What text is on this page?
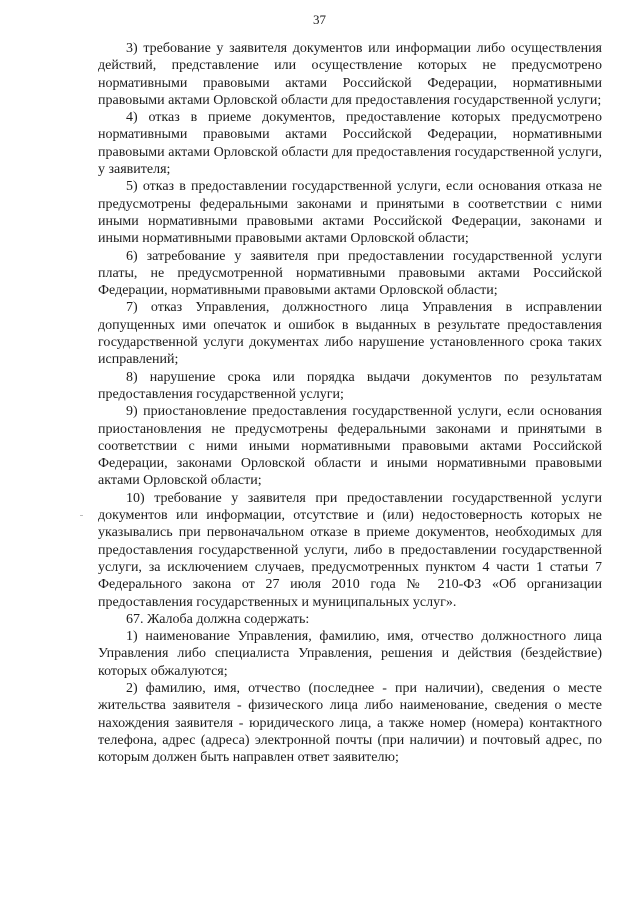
37

3) требование у заявителя документов или информации либо осуществления действий, представление или осуществление которых не предусмотрено нормативными правовыми актами Российской Федерации, нормативными правовыми актами Орловской области для предоставления государственной услуги;

4) отказ в приеме документов, предоставление которых предусмотрено нормативными правовыми актами Российской Федерации, нормативными правовыми актами Орловской области для предоставления государственной услуги, у заявителя;

5) отказ в предоставлении государственной услуги, если основания отказа не предусмотрены федеральными законами и принятыми в соответствии с ними иными нормативными правовыми актами Российской Федерации, законами и иными нормативными правовыми актами Орловской области;

6) затребование у заявителя при предоставлении государственной услуги платы, не предусмотренной нормативными правовыми актами Российской Федерации, нормативными правовыми актами Орловской области;

7) отказ Управления, должностного лица Управления в исправлении допущенных ими опечаток и ошибок в выданных в результате предоставления государственной услуги документах либо нарушение установленного срока таких исправлений;

8) нарушение срока или порядка выдачи документов по результатам предоставления государственной услуги;

9) приостановление предоставления государственной услуги, если основания приостановления не предусмотрены федеральными законами и принятыми в соответствии с ними иными нормативными правовыми актами Российской Федерации, законами Орловской области и иными нормативными правовыми актами Орловской области;

10) требование у заявителя при предоставлении государственной услуги документов или информации, отсутствие и (или) недостоверность которых не указывались при первоначальном отказе в приеме документов, необходимых для предоставления государственной услуги, либо в предоставлении государственной услуги, за исключением случаев, предусмотренных пунктом 4 части 1 статьи 7 Федерального закона от 27 июля 2010 года № 210-ФЗ «Об организации предоставления государственных и муниципальных услуг».

67. Жалоба должна содержать:

1) наименование Управления, фамилию, имя, отчество должностного лица Управления либо специалиста Управления, решения и действия (бездействие) которых обжалуются;

2) фамилию, имя, отчество (последнее - при наличии), сведения о месте жительства заявителя - физического лица либо наименование, сведения о месте нахождения заявителя - юридического лица, а также номер (номера) контактного телефона, адрес (адреса) электронной почты (при наличии) и почтовый адрес, по которым должен быть направлен ответ заявителю;
